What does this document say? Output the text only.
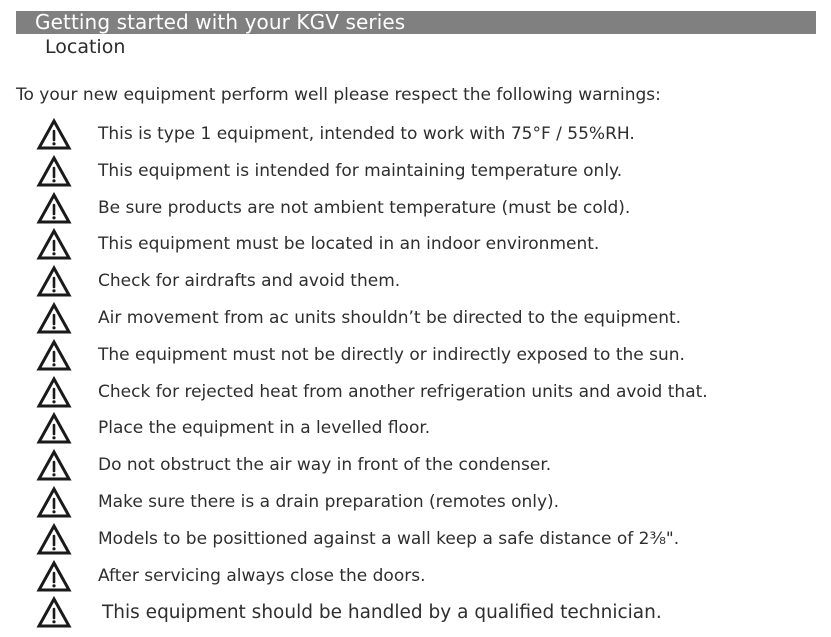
Getting started with your KGV series
Location
To your new equipment perform well please respect the following warnings:
This is type 1 equipment, intended to work with 75°F / 55%RH.
This equipment is intended for maintaining temperature only.
Be sure products are not ambient temperature (must be cold).
This equipment must be located in an indoor environment.
Check for airdrafts and avoid them.
Air movement from ac units shouldn’t be directed to the equipment.
The equipment must not be directly or indirectly exposed to the sun.
Check for rejected heat from another refrigeration units and avoid that.
Place the equipment in a levelled floor.
Do not obstruct the air way in front of the condenser.
Make sure there is a drain preparation (remotes only).
Models to be posittioned against a wall keep a safe distance of 2³⁄₈".
After servicing always close the doors.
This equipment should be handled by a qualified technician.
